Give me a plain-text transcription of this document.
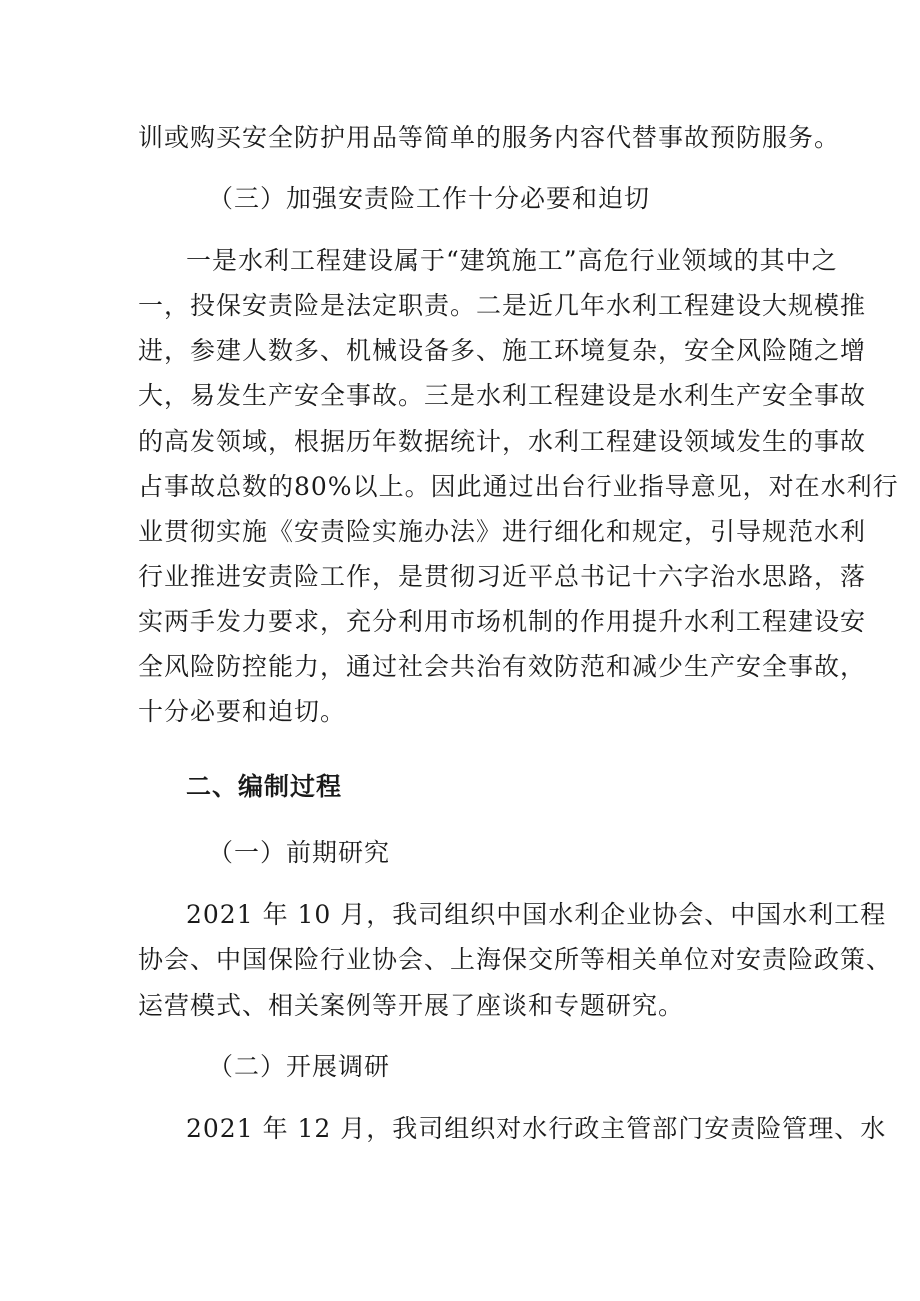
训或购买安全防护用品等简单的服务内容代替事故预防服务。
（三）加强安责险工作十分必要和迫切
一是水利工程建设属于“建筑施工”高危行业领域的其中之
一，投保安责险是法定职责。二是近几年水利工程建设大规模推
进，参建人数多、机械设备多、施工环境复杂，安全风险随之增
大，易发生产安全事故。三是水利工程建设是水利生产安全事故
的高发领域，根据历年数据统计，水利工程建设领域发生的事故
占事故总数的80%以上。因此通过出台行业指导意见，对在水利行
业贯彻实施《安责险实施办法》进行细化和规定，引导规范水利
行业推进安责险工作，是贯彻习近平总书记十六字治水思路，落
实两手发力要求，充分利用市场机制的作用提升水利工程建设安
全风险防控能力，通过社会共治有效防范和减少生产安全事故，
十分必要和迫切。
二、编制过程
（一）前期研究
2021 年 10 月，我司组织中国水利企业协会、中国水利工程
协会、中国保险行业协会、上海保交所等相关单位对安责险政策、
运营模式、相关案例等开展了座谈和专题研究。
（二）开展调研
2021 年 12 月，我司组织对水行政主管部门安责险管理、水
